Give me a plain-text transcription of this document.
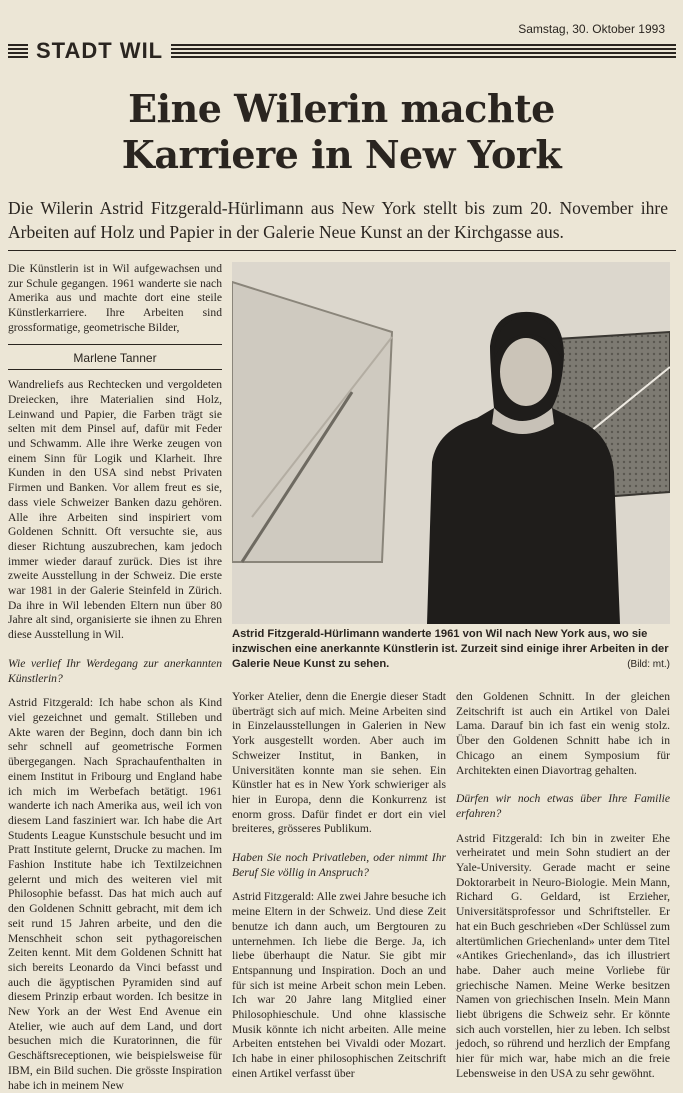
Samstag, 30. Oktober 1993
STADT WIL
Eine Wilerin machte
Karriere in New York
Die Wilerin Astrid Fitzgerald-Hürlimann aus New York stellt bis zum 20. November ihre Arbeiten auf Holz und Papier in der Galerie Neue Kunst an der Kirchgasse aus.

Die Künstlerin ist in Wil aufgewachsen und zur Schule gegangen. 1961 wanderte sie nach Amerika aus und machte dort eine steile Künstlerkarriere. Ihre Arbeiten sind grossformatige, geometrische Bilder,

Marlene Tanner

Wandreliefs aus Rechtecken und vergoldeten Dreiecken, ihre Materialien sind Holz, Leinwand und Papier, die Farben trägt sie selten mit dem Pinsel auf, dafür mit Feder und Schwamm. Alle ihre Werke zeugen von einem Sinn für Logik und Klarheit. Ihre Kunden in den USA sind nebst Privaten Firmen und Banken. Vor allem freut es sie, dass viele Schweizer Banken dazu gehören. Alle ihre Arbeiten sind inspiriert vom Goldenen Schnitt. Oft versuchte sie, aus dieser Richtung auszubrechen, kam jedoch immer wieder darauf zurück. Dies ist ihre zweite Ausstellung in der Schweiz. Die erste war 1981 in der Galerie Steinfeld in Zürich. Da ihre in Wil lebenden Eltern nun über 80 Jahre alt sind, organisierte sie ihnen zu Ehren diese Ausstellung in Wil.

Wie verlief Ihr Werdegang zur anerkannten Künstlerin?

Astrid Fitzgerald: Ich habe schon als Kind viel gezeichnet und gemalt. Stilleben und Akte waren der Beginn, doch dann bin ich sehr schnell auf geometrische Formen übergegangen. Nach Sprachaufenthalten in einem Institut in Fribourg und England habe ich mich im Werbefach betätigt. 1961 wanderte ich nach Amerika aus, weil ich von diesem Land fasziniert war. Ich habe die Art Students League Kunstschule besucht und im Pratt Institute gelernt, Drucke zu machen. Im Fashion Institute habe ich Textilzeichnen gelernt und mich des weiteren viel mit Philosophie befasst. Das hat mich auch auf den Goldenen Schnitt gebracht, mit dem ich seit rund 15 Jahren arbeite, und den die Menschheit schon seit pythagoreischen Zeiten kennt. Mit dem Goldenen Schnitt hat sich bereits Leonardo da Vinci befasst und auch die ägyptischen Pyramiden sind auf diesem Prinzip erbaut worden. Ich besitze in New York an der West End Avenue ein Atelier, wie auch auf dem Land, und dort besuchen mich die Kuratorinnen, die für Geschäftsreceptionen, wie beispielsweise für IBM, ein Bild suchen. Die grösste Inspiration habe ich in meinem New

Astrid Fitzgerald-Hürlimann wanderte 1961 von Wil nach New York aus, wo sie inzwischen eine anerkannte Künstlerin ist. Zurzeit sind einige ihrer Arbeiten in der Galerie Neue Kunst zu sehen.	(Bild: mt.)

Yorker Atelier, denn die Energie dieser Stadt überträgt sich auf mich. Meine Arbeiten sind in Einzelausstellungen in Galerien in New York ausgestellt worden. Aber auch im Schweizer Institut, in Banken, in Universitäten konnte man sie sehen. Ein Künstler hat es in New York schwieriger als hier in Europa, denn die Konkurrenz ist enorm gross. Dafür findet er dort ein viel breiteres, grösseres Publikum.

Haben Sie noch Privatleben, oder nimmt Ihr Beruf Sie völlig in Anspruch?

Astrid Fitzgerald: Alle zwei Jahre besuche ich meine Eltern in der Schweiz. Und diese Zeit benutze ich dann auch, um Bergtouren zu unternehmen. Ich liebe die Berge. Ja, ich liebe überhaupt die Natur. Sie gibt mir Entspannung und Inspiration. Doch an und für sich ist meine Arbeit schon mein Leben. Ich war 20 Jahre lang Mitglied einer Philosophieschule. Und ohne klassische Musik könnte ich nicht arbeiten. Alle meine Arbeiten entstehen bei Vivaldi oder Mozart. Ich habe in einer philosophischen Zeitschrift einen Artikel verfasst über

den Goldenen Schnitt. In der gleichen Zeitschrift ist auch ein Artikel von Dalei Lama. Darauf bin ich fast ein wenig stolz. Über den Goldenen Schnitt habe ich in Chicago an einem Symposium für Architekten einen Diavortrag gehalten.

Dürfen wir noch etwas über Ihre Familie erfahren?

Astrid Fitzgerald: Ich bin in zweiter Ehe verheiratet und mein Sohn studiert an der Yale-University. Gerade macht er seine Doktorarbeit in Neuro-Biologie. Mein Mann, Richard G. Geldard, ist Erzieher, Universitätsprofessor und Schriftsteller. Er hat ein Buch geschrieben «Der Schlüssel zum altertümlichen Griechenland» unter dem Titel «Antikes Griechenland», das ich illustriert habe. Daher auch meine Vorliebe für griechische Namen. Meine Werke besitzen Namen von griechischen Inseln. Mein Mann liebt übrigens die Schweiz sehr. Er könnte sich auch vorstellen, hier zu leben. Ich selbst jedoch, so rührend und herzlich der Empfang hier für mich war, habe mich an die freie Lebensweise in den USA zu sehr gewöhnt.
